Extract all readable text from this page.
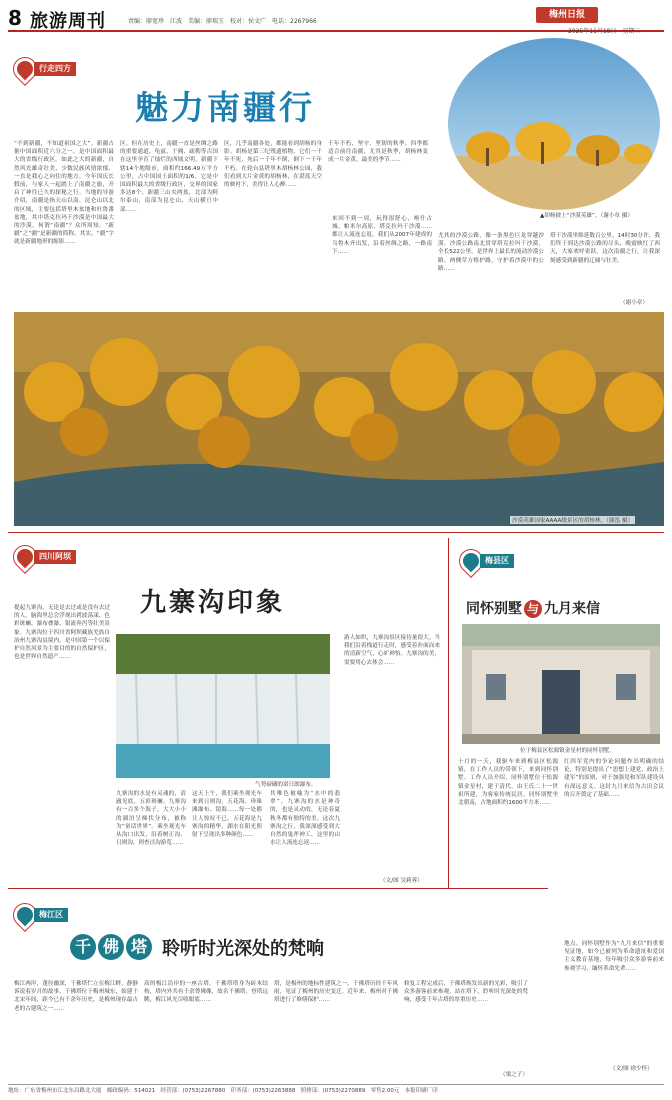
8 旅游周刊	责编：廖宽珍　江波　美编：廖瑞玉　校对：侯文广　电话：2267966
梅州日报
2025年11月18日　星期二
行走四方
魅力南疆行
▲胡杨披上“沙漠英雄”。（谢小章 摄）
“不到新疆，不知道祖国之大”。新疆占据中国面积近六分之一，是中国面积最大的省级行政区。如此之大的新疆，自然风光雄奇壮美，少数民族风情浓郁，一直是我心之向往的地方。今年国庆长假前，与家人一起踏上了南疆之旅，开启了神往已久的探秘之行。当地的导游介绍，南疆是指天山以南、昆仑山以北的区域，主要包括塔里木盆地和吐鲁番盆地，其中塔克拉玛干沙漠是中国最大的沙漠。何谓“南疆”？众所周知，“新疆”之“疆”是新疆的简称，其实，“疆”字就是新疆地形的缩影……
区。但在历史上，南疆一直是丝绸之路的重要通道，龟兹、于阗、疏勒等古国在这里孕育了灿烂的西域文明。新疆下辖14个地级市，面积约166.49万平方公里，占中国国土面积的1/6。它是中国面积最大的省级行政区，交界的国家多达8个。新疆三山夹两盆，北部为阿尔泰山，南部为昆仑山，天山横亘中部……
区，几乎南疆各处，都能看到胡杨的身影。胡杨是第三纪残遗植物，它们一千年不死，死后一千年不倒，倒下一千年不朽。在轮台县塔里木胡杨林公园，我们看到大片金黄的胡杨林，在湛蓝天空的映衬下，美得让人心醉……
千年不朽，坚守、坚韧的秋季。四季都适合前往南疆，尤其是秋季，胡杨林变成一片金黄，最美的季节……
来回不到一周，玩得很舒心，喀什古城、帕米尔高原、塔克拉玛干沙漠……都让人流连忘返。我们从2007年建成的乌鲁木齐出发，沿着丝绸之路，一路南下……
尤其的沙漠公路，像一条黑色巨龙穿越沙漠。沙漠公路南北贯穿塔克拉玛干沙漠，全长522公里，是世界上最长的流动沙漠公路。两侧草方格护路，守护着沙漠中的公路……
塔干沙漠里绵延数百公里。14时30分许，我们终于到达沙漠公路的尽头，晚霞映红了西天，大家欢呼雀跃。这次南疆之行，让我深刻感受到新疆的辽阔与壮美。
（谢小章）
沙漠英雄国家AAAA级景区的胡杨林。（谢泓 摄）
四川阿坝
九寨沟印象
提起九寨沟，无论是去过或是没有去过的人，脑海里总会浮现出碧波荡漾、色彩斑斓、瀑布叠瀑、银流奔泻等壮美景象。九寨沟位于四川省阿坝藏族羌族自治州九寨沟县境内，是中国第一个以保护自然风景为主要目的的自然保护区，也是世界自然遗产……
气势磅礴的诺日朗瀑布。
九寨沟的水是有灵魂的，清澈见底，五彩斑斓。九寨沟有一百多个海子，大大小小的湖泊呈梯状分布，被称为“童话世界”。乘坐观光车从沟口出发，沿着树正沟、日则沟、则查洼沟游览……
这天上午，我们乘坐观光车来到日则沟，五花海、珍珠滩瀑布、镜海……每一处都让人惊叹不已。五花海是九寨沟的精华，湖水在阳光照射下呈现出多种颜色……
其唯色被喻为“水中的翡翠”。九寨沟的水是神奇的，也是灵动的，无论春夏秋冬都有独特的美。这次九寨沟之行，我深深感受到大自然的鬼斧神工，这里的山水让人流连忘返……
游人如织，九寨沟景区接待量很大。当我们沿着栈道行走时，感受着扑面而来的清新空气，心旷神怡。九寨沟的美，需要用心去体会……
（文/图 吴莉蓉）
梅县区
同怀别墅 与 九月来信
位于梅县区松源镇金星村的同怀别墅。
十月的一天，我驱车来到梅县区松源镇，在工作人员的带领下，来到同怀别墅。工作人员介绍，同怀别墅位于松源镇金星村，建于清代，由王氏二十一世祖所建，为客家传统民居。同怀别墅坐北朝南，占地面积约1600平方米……
红四军党内的争论问题作出明确的结论，特别是提出了“思想上建党，政治上建军”的原则，对于加强党和军队建设具有深远意义。这封九月来信为古田会议的召开奠定了基础……
地点。同怀别墅作为“九月来信”的重要见证地，如今已被列为革命遗址和爱国主义教育基地，每年吸引众多游客前来参观学习，缅怀革命先辈……
（文/图 徐少怀）
梅江区
千 佛 塔 聆听时光深处的梵响
梅江两岸，蓬径幽深，千佛塔伫立在梅江畔，静静诉说着岁月的故事。千佛塔位于梅州城东，始建于北宋年间，距今已有千余年历史，是梅州现存最古老的古建筑之一……
高的梅江沿岸的一座古塔。千佛塔塔身为砖木结构，塔内外共有千余尊佛像，故名千佛塔。登塔远眺，梅江风光尽收眼底……
塔，是梅州的地标性建筑之一。千佛塔历经千年风雨，见证了梅州的历史变迁。近年来，梅州对千佛塔进行了修缮保护……
修复工程完成后，千佛塔焕发出新的光彩，吸引了众多游客前来参观。站在塔下，聆听时光深处的梵响，感受千年古塔的厚重历史……
（梁之子）
地址：广东省梅州市江北东昌路北大厦 邮政编码：514021 经营部：(0753)2267880 印务部：(0753)2263888 照排部：(0753)2270889 零售2.00元 本报印刷厂印
